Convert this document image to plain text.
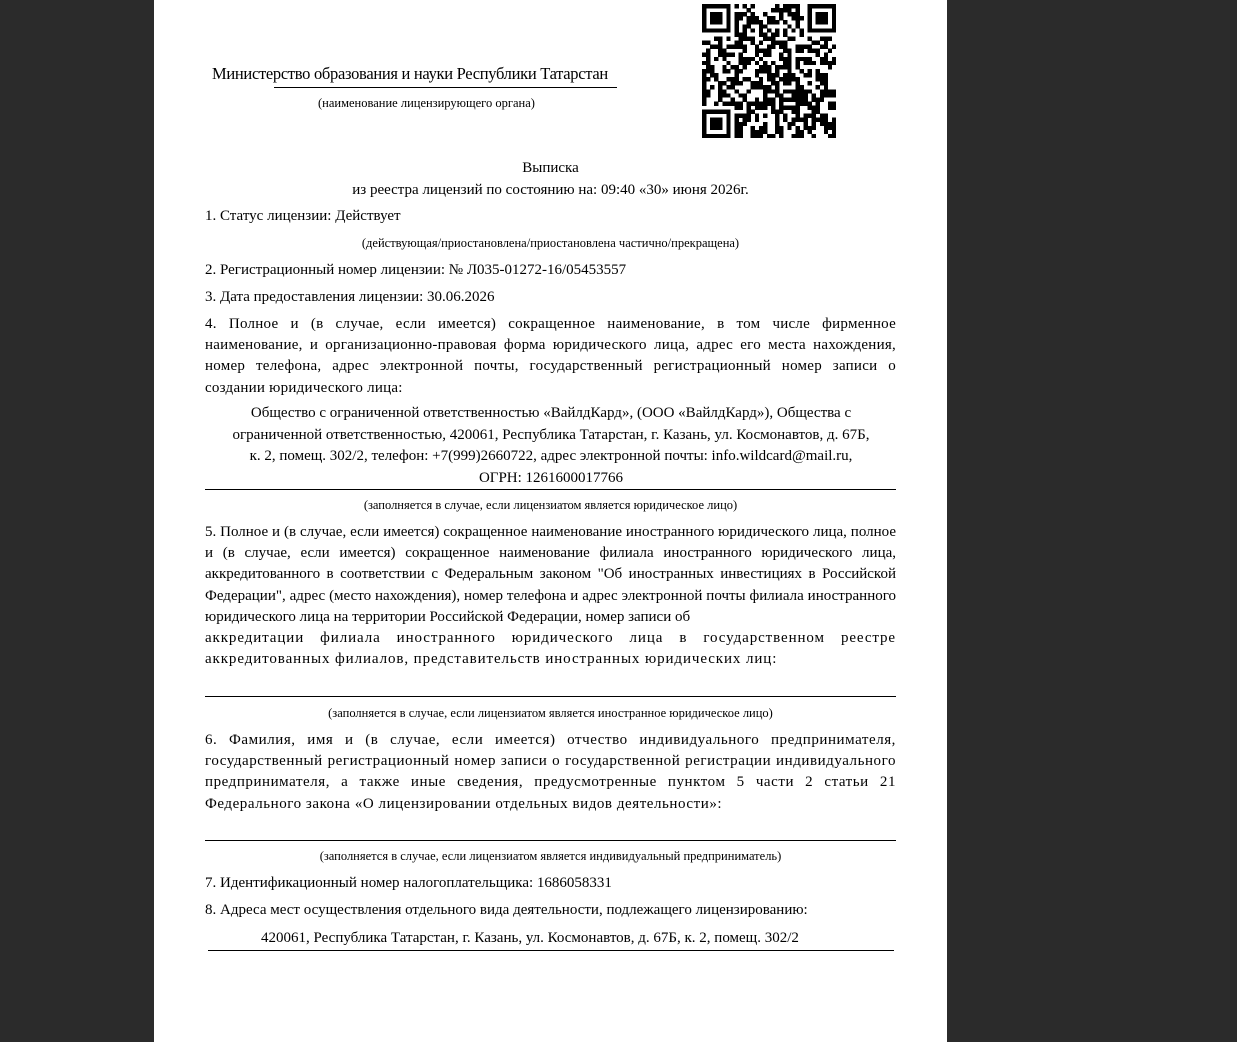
Министерство образования и науки Республики Татарстан
(наименование лицензирующего органа)
Выписка
из реестра лицензий по состоянию на: 09:40 «30» июня 2026г.
1. Статус лицензии: Действует
(действующая/приостановлена/приостановлена частично/прекращена)
2. Регистрационный номер лицензии: № Л035-01272-16/05453557
3. Дата предоставления лицензии: 30.06.2026
4. Полное и (в случае, если имеется) сокращенное наименование, в том числе фирменное наименование, и организационно-правовая форма юридического лица, адрес его места нахождения, номер телефона, адрес электронной почты, государственный регистрационный номер записи о создании юридического лица:
Общество с ограниченной ответственностью «ВайлдКард», (ООО «ВайлдКард»), Общества с
ограниченной ответственностью, 420061, Республика Татарстан, г. Казань, ул. Космонавтов, д. 67Б,
к. 2, помещ. 302/2, телефон: +7(999)2660722, адрес электронной почты: info.wildcard@mail.ru,
ОГРН: 1261600017766
(заполняется в случае, если лицензиатом является юридическое лицо)
5. Полное и (в случае, если имеется) сокращенное наименование иностранного юридического лица, полное и (в случае, если имеется) сокращенное наименование филиала иностранного юридического лица, аккредитованного в соответствии с Федеральным законом "Об иностранных инвестициях в Российской Федерации", адрес (место нахождения), номер телефона и адрес электронной почты филиала иностранного юридического лица на территории Российской Федерации, номер записи об
аккредитации филиала иностранного юридического лица в государственном реестре аккредитованных филиалов, представительств иностранных юридических лиц:
(заполняется в случае, если лицензиатом является иностранное юридическое лицо)
6. Фамилия, имя и (в случае, если имеется) отчество индивидуального предпринимателя, государственный регистрационный номер записи о государственной регистрации индивидуального предпринимателя, а также иные сведения, предусмотренные пунктом 5 части 2 статьи 21 Федерального закона «О лицензировании отдельных видов деятельности»:
(заполняется в случае, если лицензиатом является индивидуальный предприниматель)
7. Идентификационный номер налогоплательщика: 1686058331
8. Адреса мест осуществления отдельного вида деятельности, подлежащего лицензированию:
420061, Республика Татарстан, г. Казань, ул. Космонавтов, д. 67Б, к. 2, помещ. 302/2
